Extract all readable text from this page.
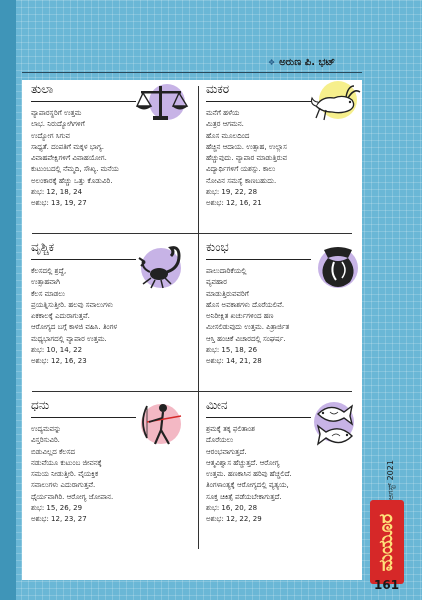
❖ ಅರುಣ ಪಿ. ಭಟ್
ತುಲಾ
ವ್ಯಾಪಾರಸ್ಥರಿಗೆ ಉತ್ತಮ
ಲಾಭ. ನಿರುದ್ಯೋಗಿಗಳಿಗೆ
ಉದ್ಯೋಗ ಸಿಗುವ
ಸಾಧ್ಯತೆ. ದಂಪತಿಗೆ ಮಕ್ಕಳ ಭಾಗ್ಯ.
ವಿವಾಹಪೇಕ್ಷಿಗಳಿಗೆ ವಿವಾಹಯೋಗ.
ಕುಟುಂಬದಲ್ಲಿ ನೆಮ್ಮದಿ, ಸೌಖ್ಯ. ಮನೆಯ
ಅಲಂಕಾರಕ್ಕೆ ಹೆಚ್ಚು ಒತ್ತು ಕೊಡುವಿರಿ.
ಶುಭ: 12, 18, 24
ಅಶುಭ: 13, 19, 27
ಮಕರ
ಮನೆಗೆ ಹಳೆಯ
ಮಿತ್ರರ ಆಗಮನ.
ಹೊಸ ಮೂಲದಿಂದ
ಹೆಚ್ಚಿನ ಆದಾಯ. ಉತ್ಸಾಹ, ಉಲ್ಲಾಸ
ಹೆಚ್ಚುವುದು. ವ್ಯಾಪಾರ ಮಾಡುತ್ತಿರುವ
ವಿದ್ಯಾರ್ಥಿಗಳಿಗೆ ಯಶಸ್ಸು. ಕಾಲು
ನೋವಿನ ಸಮಸ್ಯೆ ಕಾಣಬಹುದು.
ಶುಭ: 19, 22, 28
ಅಶುಭ: 12, 16, 21
ವೃಶ್ಚಿಕ
ಕೆಲಸದಲ್ಲಿ ಶ್ರದ್ಧೆ,
ಉತ್ಸಾಹವಾಗಿ
ಕೆಲಸ ಮಾಡಲು
ಪ್ರಯತ್ನಿಸುತ್ತೀರಿ. ಹಲವು ಸವಾಲುಗಳು
ಏಕಕಾಲಕ್ಕೆ ಎದುರಾಗುತ್ತವೆ.
ಆರೋಗ್ಯದ ಬಗ್ಗೆ ಕಾಳಜಿ ವಹಿಸಿ. ತಿಂಗಳ
ಮಧ್ಯಭಾಗದಲ್ಲಿ ವ್ಯಾಪಾರ ಉತ್ತಮ.
ಶುಭ: 10, 14, 22
ಅಶುಭ: 12, 16, 23
ಕುಂಭ
ಪಾಲುದಾರಿಕೆಯಲ್ಲಿ
ವ್ಯವಹಾರ
ಮಾಡುತ್ತಿರುವವರಿಗೆ
ಹೊಸ ಅವಕಾಶಗಳು ದೊರೆಯಲಿವೆ.
ಅನಿರೀಕ್ಷಿತ ಖರ್ಚುಗಳಿಂದ ಹಣ
ಮೀಸಲಿಡುವುದು ಉತ್ತಮ. ಪಿತ್ರಾರ್ಜಿತ
ಆಸ್ತಿ ಹಂಚಿಕೆ ವಿಚಾರದಲ್ಲಿ ಸಂಘರ್ಷ.
ಶುಭ: 15, 18, 26
ಅಶುಭ: 14, 21, 28
ಧನು
ಉದ್ಯಮವನ್ನು
ವಿಸ್ತರಿಸುವಿರಿ.
ಬಿಡುವಿಲ್ಲದ ಕೆಲಸದ
ನಡುವೆಯೂ ಕುಟುಂಬ ಜೀವನಕ್ಕೆ
ಸಮಯ ನೀಡುತ್ತೀರಿ. ವೈಯಕ್ತಿಕ
ಸವಾಲುಗಳು ಎದುರಾಗುತ್ತವೆ.
ಧೈರ್ಯವಾಗಿರಿ. ಆರೋಗ್ಯ ಜೋಪಾನ.
ಶುಭ: 15, 26, 29
ಅಶುಭ: 12, 23, 27
ಮೀನ
ಶ್ರಮಕ್ಕೆ ತಕ್ಕ ಫಲಿತಾಂಶ
ದೊರೆಯಲು
ಆರಂಭವಾಗುತ್ತದೆ.
ಆತ್ಮವಿಶ್ವಾಸ ಹೆಚ್ಚುತ್ತದೆ. ಆರೋಗ್ಯ
ಉತ್ತಮ. ಹಣಕಾಸಿನ ಹರಿವು ಹೆಚ್ಚಲಿದೆ.
ತಿಂಗಳಾಂತ್ಯಕ್ಕೆ ಆರೋಗ್ಯದಲ್ಲಿ ವ್ಯತ್ಯಯ,
ಸೂಕ್ತ ಚಿಕಿತ್ಸೆ ಪಡೆಯಬೇಕಾಗುತ್ತದೆ.
ಶುಭ: 16, 20, 28
ಅಶುಭ: 12, 22, 29
ಆಗಸ್ಟ್ 2021
ಮಯೂರ
161
